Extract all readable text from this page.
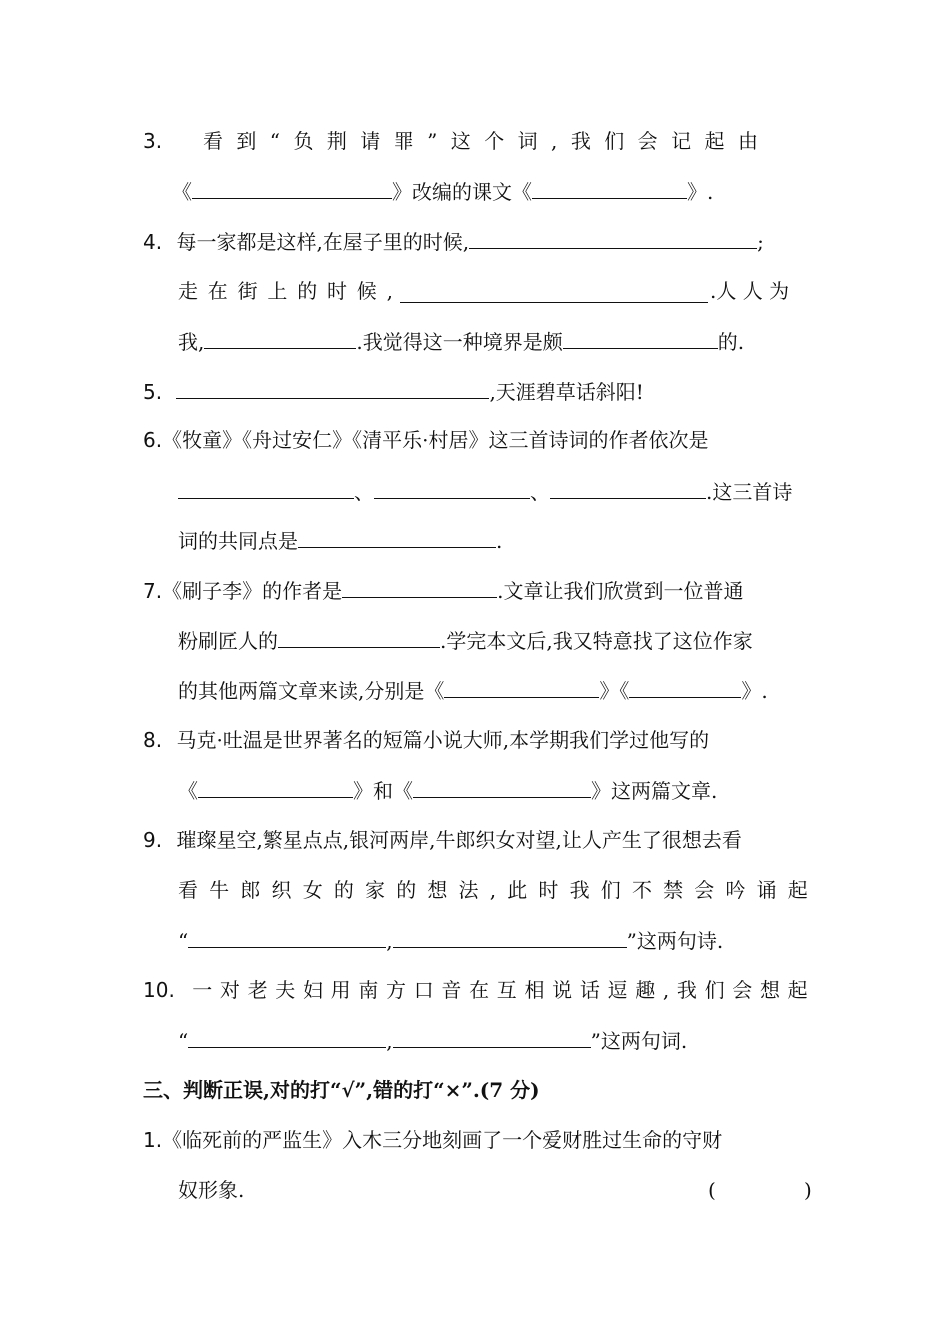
3. 看 到 “ 负 荆 请 罪 ” 这 个 词 , 我 们 会 记 起 由
《	》改编的课文《	》.
4. 每一家都是这样,在屋子里的时候,	;
走 在 街 上 的 时 候 ,	.人 人 为
我,	.我觉得这一种境界是颇	的.
5.	,天涯碧草话斜阳!
6.《牧童》《舟过安仁》《清平乐·村居》这三首诗词的作者依次是
、	、	.这三首诗
词的共同点是	.
7.《刷子李》的作者是	.文章让我们欣赏到一位普通
粉刷匠人的	.学完本文后,我又特意找了这位作家
的其他两篇文章来读,分别是《	》《	》.
8. 马克·吐温是世界著名的短篇小说大师,本学期我们学过他写的
《	》和《	》这两篇文章.
9. 璀璨星空,繁星点点,银河两岸,牛郎织女对望,让人产生了很想去看
看 牛 郎 织 女 的 家 的 想 法 , 此 时 我 们 不 禁 会 吟 诵 起
“	,	”这两句诗.
10. 一 对 老 夫 妇 用 南 方 口 音 在 互 相 说 话 逗 趣 , 我 们 会 想 起
“	,	”这两句词.
三、判断正误,对的打“√”,错的打“×”.(7 分)
1.《临死前的严监生》入木三分地刻画了一个爱财胜过生命的守财
奴形象.	(	)
